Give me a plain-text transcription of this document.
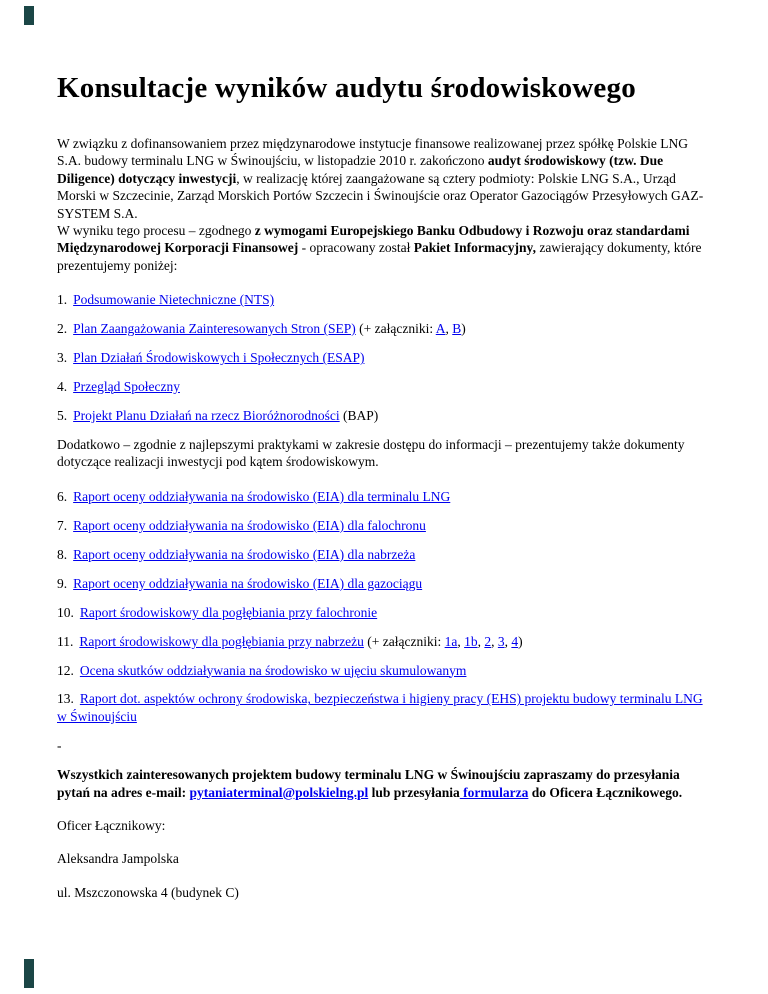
Konsultacje wyników audytu środowiskowego

W związku z dofinansowaniem przez międzynarodowe instytucje finansowe realizowanej przez spółkę Polskie LNG S.A. budowy terminalu LNG w Świnoujściu, w listopadzie 2010 r. zakończono audyt środowiskowy (tzw. Due Diligence) dotyczący inwestycji, w realizację której zaangażowane są cztery podmioty: Polskie LNG S.A., Urząd Morski w Szczecinie, Zarząd Morskich Portów Szczecin i Świnoujście oraz Operator Gazociągów Przesyłowych GAZ-SYSTEM S.A.
W wyniku tego procesu – zgodnego z wymogami Europejskiego Banku Odbudowy i Rozwoju oraz standardami Międzynarodowej Korporacji Finansowej - opracowany został Pakiet Informacyjny, zawierający dokumenty, które prezentujemy poniżej:

1. Podsumowanie Nietechniczne (NTS)

2. Plan Zaangażowania Zainteresowanych Stron (SEP) (+ załączniki: A, B)

3. Plan Działań Środowiskowych i Społecznych (ESAP)

4. Przegląd Społeczny

5. Projekt Planu Działań na rzecz Bioróżnorodności (BAP)

Dodatkowo – zgodnie z najlepszymi praktykami w zakresie dostępu do informacji – prezentujemy także dokumenty dotyczące realizacji inwestycji pod kątem środowiskowym.

6. Raport oceny oddziaływania na środowisko (EIA) dla terminalu LNG

7. Raport oceny oddziaływania na środowisko (EIA) dla falochronu

8. Raport oceny oddziaływania na środowisko (EIA) dla nabrzeża

9. Raport oceny oddziaływania na środowisko (EIA) dla gazociągu

10. Raport środowiskowy dla pogłębiania przy falochronie

11. Raport środowiskowy dla pogłębiania przy nabrzeżu (+ załączniki: 1a, 1b, 2, 3, 4)

12. Ocena skutków oddziaływania na środowisko w ujęciu skumulowanym

13. Raport dot. aspektów ochrony środowiska, bezpieczeństwa i higieny pracy (EHS) projektu budowy terminalu LNG w Świnoujściu

-

Wszystkich zainteresowanych projektem budowy terminalu LNG w Świnoujściu zapraszamy do przesyłania pytań na adres e-mail: pytaniaterminal@polskielng.pl lub przesyłania formularza do Oficera Łącznikowego.

Oficer Łącznikowy:

Aleksandra Jampolska

ul. Mszczonowska 4 (budynek C)
